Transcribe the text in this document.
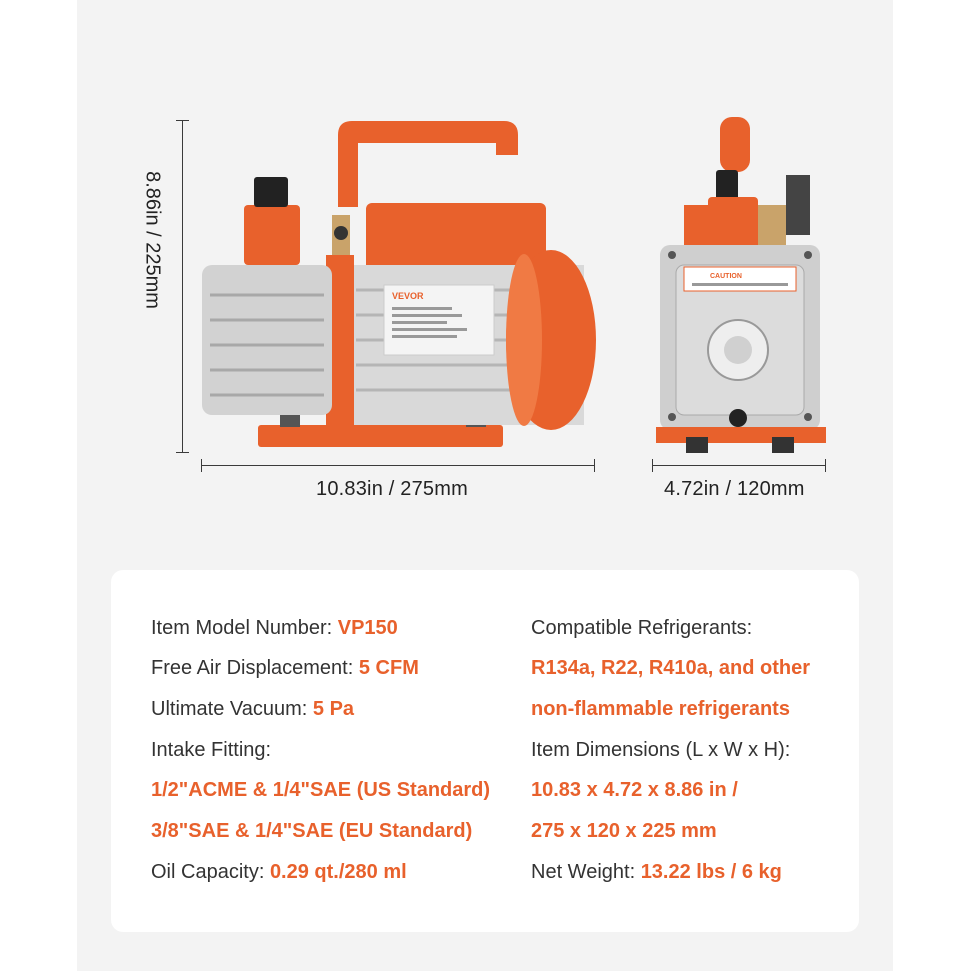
VEVOR
CAUTION
8.86in / 225mm
10.83in / 275mm	4.72in / 120mm
Item Model Number: VP150
Free Air Displacement: 5 CFM
Ultimate Vacuum: 5 Pa
Intake Fitting:
1/2"ACME & 1/4"SAE (US Standard)
3/8"SAE & 1/4"SAE (EU Standard)
Oil Capacity: 0.29 qt./280 ml
Compatible Refrigerants:
R134a, R22, R410a, and other
non-flammable refrigerants
Item Dimensions (L x W x H):
10.83 x 4.72 x 8.86 in /
275 x 120 x 225 mm
Net Weight: 13.22 lbs / 6 kg
